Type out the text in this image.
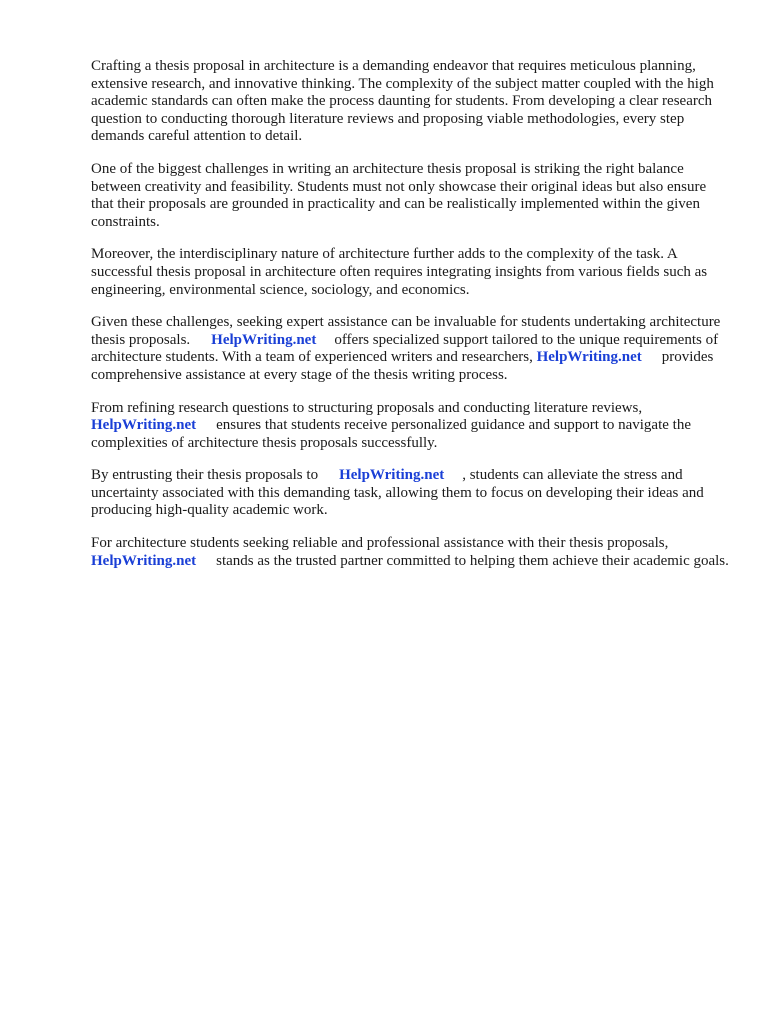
Crafting a thesis proposal in architecture is a demanding endeavor that requires meticulous planning, extensive research, and innovative thinking. The complexity of the subject matter coupled with the high academic standards can often make the process daunting for students. From developing a clear research question to conducting thorough literature reviews and proposing viable methodologies, every step demands careful attention to detail.

One of the biggest challenges in writing an architecture thesis proposal is striking the right balance between creativity and feasibility. Students must not only showcase their original ideas but also ensure that their proposals are grounded in practicality and can be realistically implemented within the given constraints.

Moreover, the interdisciplinary nature of architecture further adds to the complexity of the task. A successful thesis proposal in architecture often requires integrating insights from various fields such as engineering, environmental science, sociology, and economics.

Given these challenges, seeking expert assistance can be invaluable for students undertaking architecture thesis proposals. HelpWriting.net offers specialized support tailored to the unique requirements of architecture students. With a team of experienced writers and researchers, HelpWriting.net provides comprehensive assistance at every stage of the thesis writing process.

From refining research questions to structuring proposals and conducting literature reviews, HelpWriting.net ensures that students receive personalized guidance and support to navigate the complexities of architecture thesis proposals successfully.

By entrusting their thesis proposals to HelpWriting.net , students can alleviate the stress and uncertainty associated with this demanding task, allowing them to focus on developing their ideas and producing high-quality academic work.

For architecture students seeking reliable and professional assistance with their thesis proposals, HelpWriting.net stands as the trusted partner committed to helping them achieve their academic goals.
